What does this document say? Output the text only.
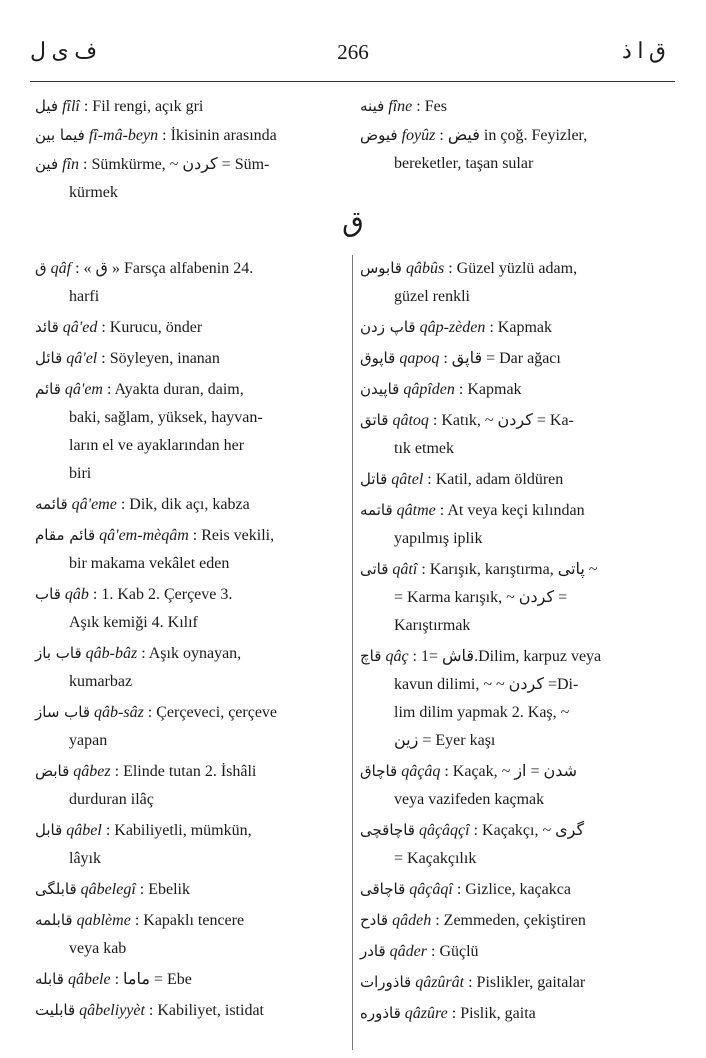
ف ی ل	266	ق ا ذ
فیل fîlî : Fil rengi, açık gri
فیما بین fî-mâ-beyn : İkisinin arasında
فین fîn : Sümkürme, ~ کردن = Süm-
kürmek
فینه fîne : Fes
فیوض foyûz : فیض in çoğ. Feyizler,
bereketler, taşan sular
ق
ق qâf : « ق » Farsça alfabenin 24.
harfi
قائد qâ'ed : Kurucu, önder
قائل qâ'el : Söyleyen, inanan
قائم qâ'em : Ayakta duran, daim,
baki, sağlam, yüksek, hayvan-
ların el ve ayaklarından her
biri
قائمه qâ'eme : Dik, dik açı, kabza
قائم مقام qâ'em-mèqâm : Reis vekili,
bir makama vekâlet eden
قاب qâb : 1. Kab 2. Çerçeve 3.
Aşık kemiği 4. Kılıf
قاب باز qâb-bâz : Aşık oynayan,
kumarbaz
قاب ساز qâb-sâz : Çerçeveci, çerçeve
yapan
قابض qâbez : Elinde tutan 2. İshâli
durduran ilâç
قابل qâbel : Kabiliyetli, mümkün,
lâyık
قابلگی qâbelegî : Ebelik
قابلمه qablème : Kapaklı tencere
veya kab
قابله qâbele : ماما = Ebe
قابلیت qâbeliyyèt : Kabiliyet, istidat
قابوس qâbûs : Güzel yüzlü adam,
güzel renkli
قاپ زدن qâp-zèden : Kapmak
قاپوق qapoq : قاپق = Dar ağacı
قاپیدن qâpîden : Kapmak
قاتق qâtoq : Katık, ~ کردن = Ka-
tık etmek
قاتل qâtel : Katil, adam öldüren
قاتمه qâtme : At veya keçi kılından
yapılmış iplik
قاتی qâtî : Karışık, karıştırma, پاتی ~
= Karma karışık, ~ کردن =
Karıştırmak
قاچ qâç : قاش =1.Dilim, karpuz veya
kavun dilimi, ~ ~ کردن =Di-
lim dilim yapmak 2. Kaş, ~
زین = Eyer kaşı
قاچاق qâçâq : Kaçak, ~ شدن = از
veya vazifeden kaçmak
قاچاقچی qâçâqçî : Kaçakçı, ~ گری
= Kaçakçılık
قاچاقی qâçâqî : Gizlice, kaçakca
قادح qâdeh : Zemmeden, çekiştiren
قادر qâder : Güçlü
قاذورات qâzûrât : Pislikler, gaitalar
قاذوره qâzûre : Pislik, gaita
